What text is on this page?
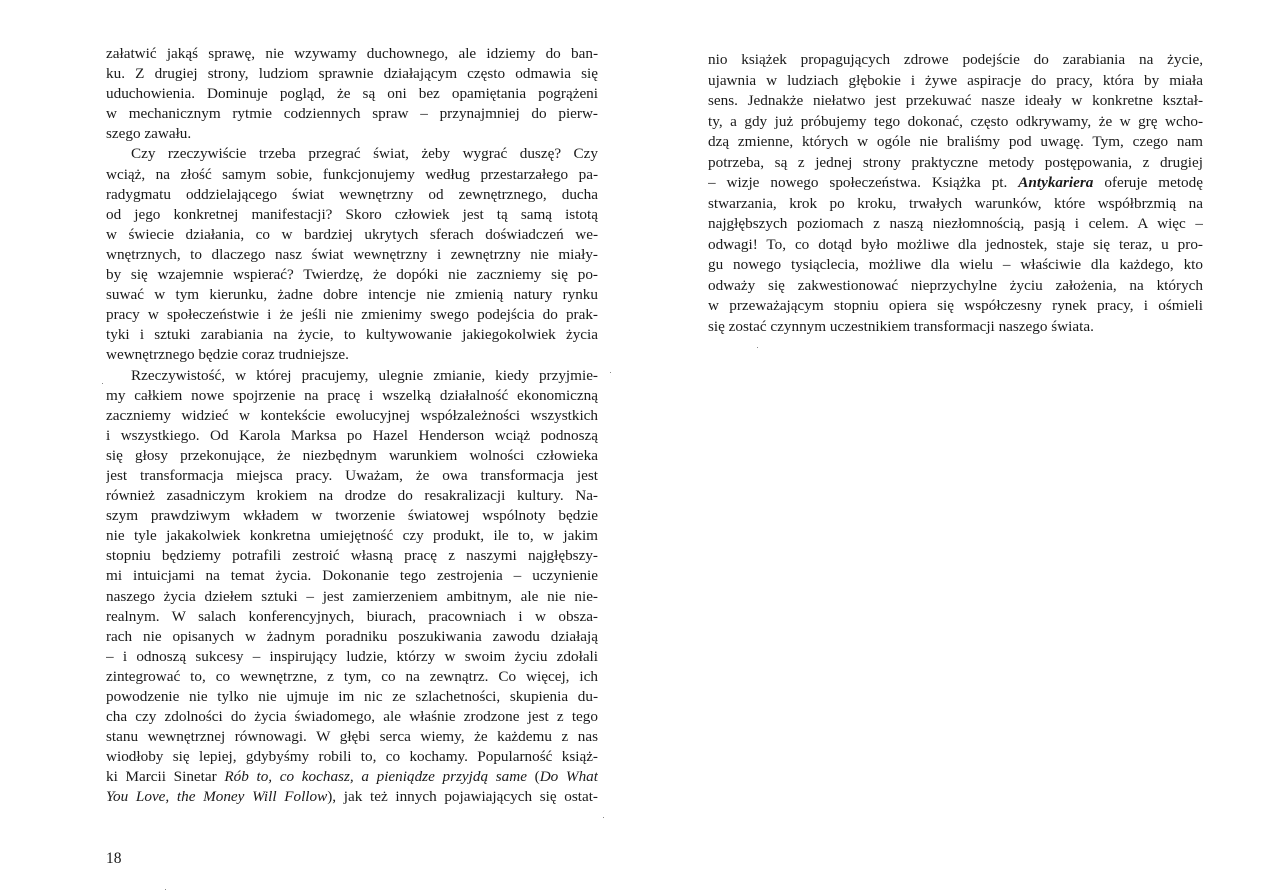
załatwić jakąś sprawę, nie wzywamy duchownego, ale idziemy do ban-
ku. Z drugiej strony, ludziom sprawnie działającym często odmawia się
uduchowienia. Dominuje pogląd, że są oni bez opamiętania pogrążeni
w mechanicznym rytmie codziennych spraw – przynajmniej do pierw-
szego zawału.
Czy rzeczywiście trzeba przegrać świat, żeby wygrać duszę? Czy
wciąż, na złość samym sobie, funkcjonujemy według przestarzałego pa-
radygmatu oddzielającego świat wewnętrzny od zewnętrznego, ducha
od jego konkretnej manifestacji? Skoro człowiek jest tą samą istotą
w świecie działania, co w bardziej ukrytych sferach doświadczeń we-
wnętrznych, to dlaczego nasz świat wewnętrzny i zewnętrzny nie miały-
by się wzajemnie wspierać? Twierdzę, że dopóki nie zaczniemy się po-
suwać w tym kierunku, żadne dobre intencje nie zmienią natury rynku
pracy w społeczeństwie i że jeśli nie zmienimy swego podejścia do prak-
tyki i sztuki zarabiania na życie, to kultywowanie jakiegokolwiek życia
wewnętrznego będzie coraz trudniejsze.
Rzeczywistość, w której pracujemy, ulegnie zmianie, kiedy przyjmie-
my całkiem nowe spojrzenie na pracę i wszelką działalność ekonomiczną
zaczniemy widzieć w kontekście ewolucyjnej współzależności wszystkich
i wszystkiego. Od Karola Marksa po Hazel Henderson wciąż podnoszą
się głosy przekonujące, że niezbędnym warunkiem wolności człowieka
jest transformacja miejsca pracy. Uważam, że owa transformacja jest
również zasadniczym krokiem na drodze do resakralizacji kultury. Na-
szym prawdziwym wkładem w tworzenie światowej wspólnoty będzie
nie tyle jakakolwiek konkretna umiejętność czy produkt, ile to, w jakim
stopniu będziemy potrafili zestroić własną pracę z naszymi najgłębszy-
mi intuicjami na temat życia. Dokonanie tego zestrojenia – uczynienie
naszego życia dziełem sztuki – jest zamierzeniem ambitnym, ale nie nie-
realnym. W salach konferencyjnych, biurach, pracowniach i w obsza-
rach nie opisanych w żadnym poradniku poszukiwania zawodu działają
– i odnoszą sukcesy – inspirujący ludzie, którzy w swoim życiu zdołali
zintegrować to, co wewnętrzne, z tym, co na zewnątrz. Co więcej, ich
powodzenie nie tylko nie ujmuje im nic ze szlachetności, skupienia du-
cha czy zdolności do życia świadomego, ale właśnie zrodzone jest z tego
stanu wewnętrznej równowagi. W głębi serca wiemy, że każdemu z nas
wiodłoby się lepiej, gdybyśmy robili to, co kochamy. Popularność książ-
ki Marcii Sinetar Rób to, co kochasz, a pieniądze przyjdą same (Do What
You Love, the Money Will Follow), jak też innych pojawiających się ostat-
nio książek propagujących zdrowe podejście do zarabiania na życie,
ujawnia w ludziach głębokie i żywe aspiracje do pracy, która by miała
sens. Jednakże niełatwo jest przekuwać nasze ideały w konkretne kształ-
ty, a gdy już próbujemy tego dokonać, często odkrywamy, że w grę wcho-
dzą zmienne, których w ogóle nie braliśmy pod uwagę. Tym, czego nam
potrzeba, są z jednej strony praktyczne metody postępowania, z drugiej
– wizje nowego społeczeństwa. Książka pt. Antykariera oferuje metodę
stwarzania, krok po kroku, trwałych warunków, które współbrzmią na
najgłębszych poziomach z naszą niezłomnością, pasją i celem. A więc –
odwagi! To, co dotąd było możliwe dla jednostek, staje się teraz, u pro-
gu nowego tysiąclecia, możliwe dla wielu – właściwie dla każdego, kto
odważy się zakwestionować nieprzychylne życiu założenia, na których
w przeważającym stopniu opiera się współczesny rynek pracy, i ośmieli
się zostać czynnym uczestnikiem transformacji naszego świata.
18
